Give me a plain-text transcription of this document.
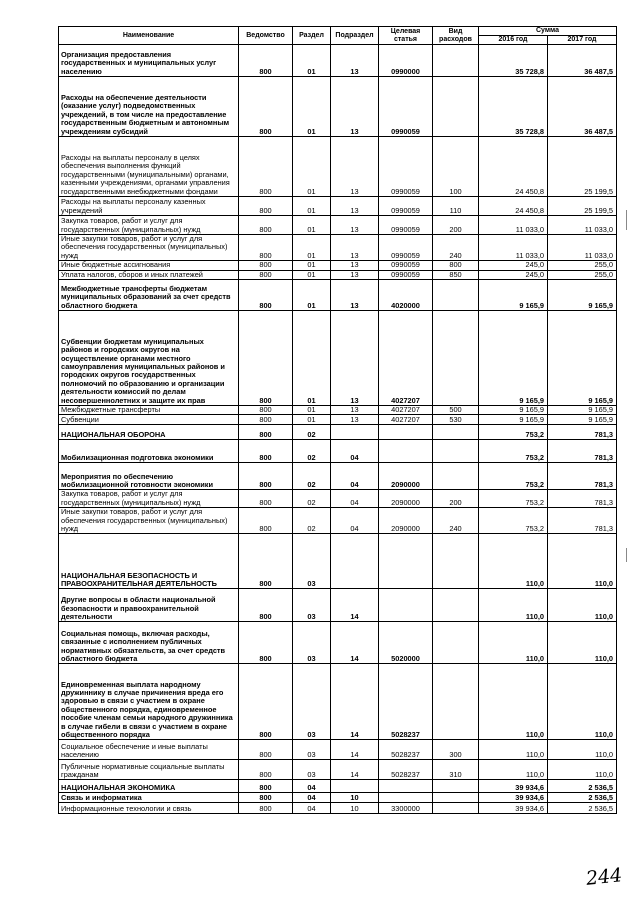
Наименование	Ведомство	Раздел	Подраздел	Целевая статья	Вид расходов	Сумма	
						2016 год	2017 год
Организация предоставления государственных и муниципальных услуг населению	800	01	13	0990000		35 728,8	36 487,5
Расходы на обеспечение деятельности (оказание услуг) подведомственных учреждений, в том числе на предоставление государственным бюджетным и автономным учреждениям субсидий	800	01	13	0990059		35 728,8	36 487,5
Расходы на выплаты персоналу в целях обеспечения выполнения функций государственными (муниципальными) органами, казенными учреждениями, органами управления государственными внебюджетными фондами	800	01	13	0990059	100	24 450,8	25 199,5
Расходы на выплаты персоналу казенных учреждений	800	01	13	0990059	110	24 450,8	25 199,5
Закупка товаров, работ и услуг для государственных (муниципальных) нужд	800	01	13	0990059	200	11 033,0	11 033,0
Иные закупки товаров, работ и услуг для обеспечения государственных (муниципальных) нужд	800	01	13	0990059	240	11 033,0	11 033,0
Иные бюджетные ассигнования	800	01	13	0990059	800	245,0	255,0
Уплата налогов, сборов и иных платежей	800	01	13	0990059	850	245,0	255,0
Межбюджетные трансферты бюджетам муниципальных образований за счет средств областного бюджета	800	01	13	4020000		9 165,9	9 165,9
Субвенции бюджетам муниципальных районов и городских округов на осуществление органами местного самоуправления муниципальных районов и городских округов государственных полномочий по образованию и организации деятельности комиссий по делам несовершеннолетних и защите их прав	800	01	13	4027207		9 165,9	9 165,9
Межбюджетные трансферты	800	01	13	4027207	500	9 165,9	9 165,9
Субвенции	800	01	13	4027207	530	9 165,9	9 165,9
НАЦИОНАЛЬНАЯ ОБОРОНА	800	02				753,2	781,3
Мобилизационная подготовка экономики	800	02	04			753,2	781,3
Мероприятия по обеспечению мобилизационной готовности экономики	800	02	04	2090000		753,2	781,3
Закупка товаров, работ и услуг для государственных (муниципальных) нужд	800	02	04	2090000	200	753,2	781,3
Иные закупки товаров, работ и услуг для обеспечения государственных (муниципальных) нужд	800	02	04	2090000	240	753,2	781,3
НАЦИОНАЛЬНАЯ БЕЗОПАСНОСТЬ И ПРАВООХРАНИТЕЛЬНАЯ ДЕЯТЕЛЬНОСТЬ	800	03				110,0	110,0
Другие вопросы в области национальной безопасности и правоохранительной деятельности	800	03	14			110,0	110,0
Социальная помощь, включая расходы, связанные с исполнением публичных нормативных обязательств, за счет средств областного бюджета	800	03	14	5020000		110,0	110,0
Единовременная выплата народному дружиннику в случае причинения вреда его здоровью в связи с участием в охране общественного порядка, единовременное пособие членам семьи народного дружинника в случае гибели в связи с участием в охране общественного порядка	800	03	14	5028237		110,0	110,0
Социальное обеспечение и иные выплаты населению	800	03	14	5028237	300	110,0	110,0
Публичные нормативные социальные выплаты гражданам	800	03	14	5028237	310	110,0	110,0
НАЦИОНАЛЬНАЯ ЭКОНОМИКА	800	04				39 934,6	2 536,5
Связь и информатика	800	04	10			39 934,6	2 536,5
Информационные технологии и связь	800	04	10	3300000		39 934,6	2 536,5
244
